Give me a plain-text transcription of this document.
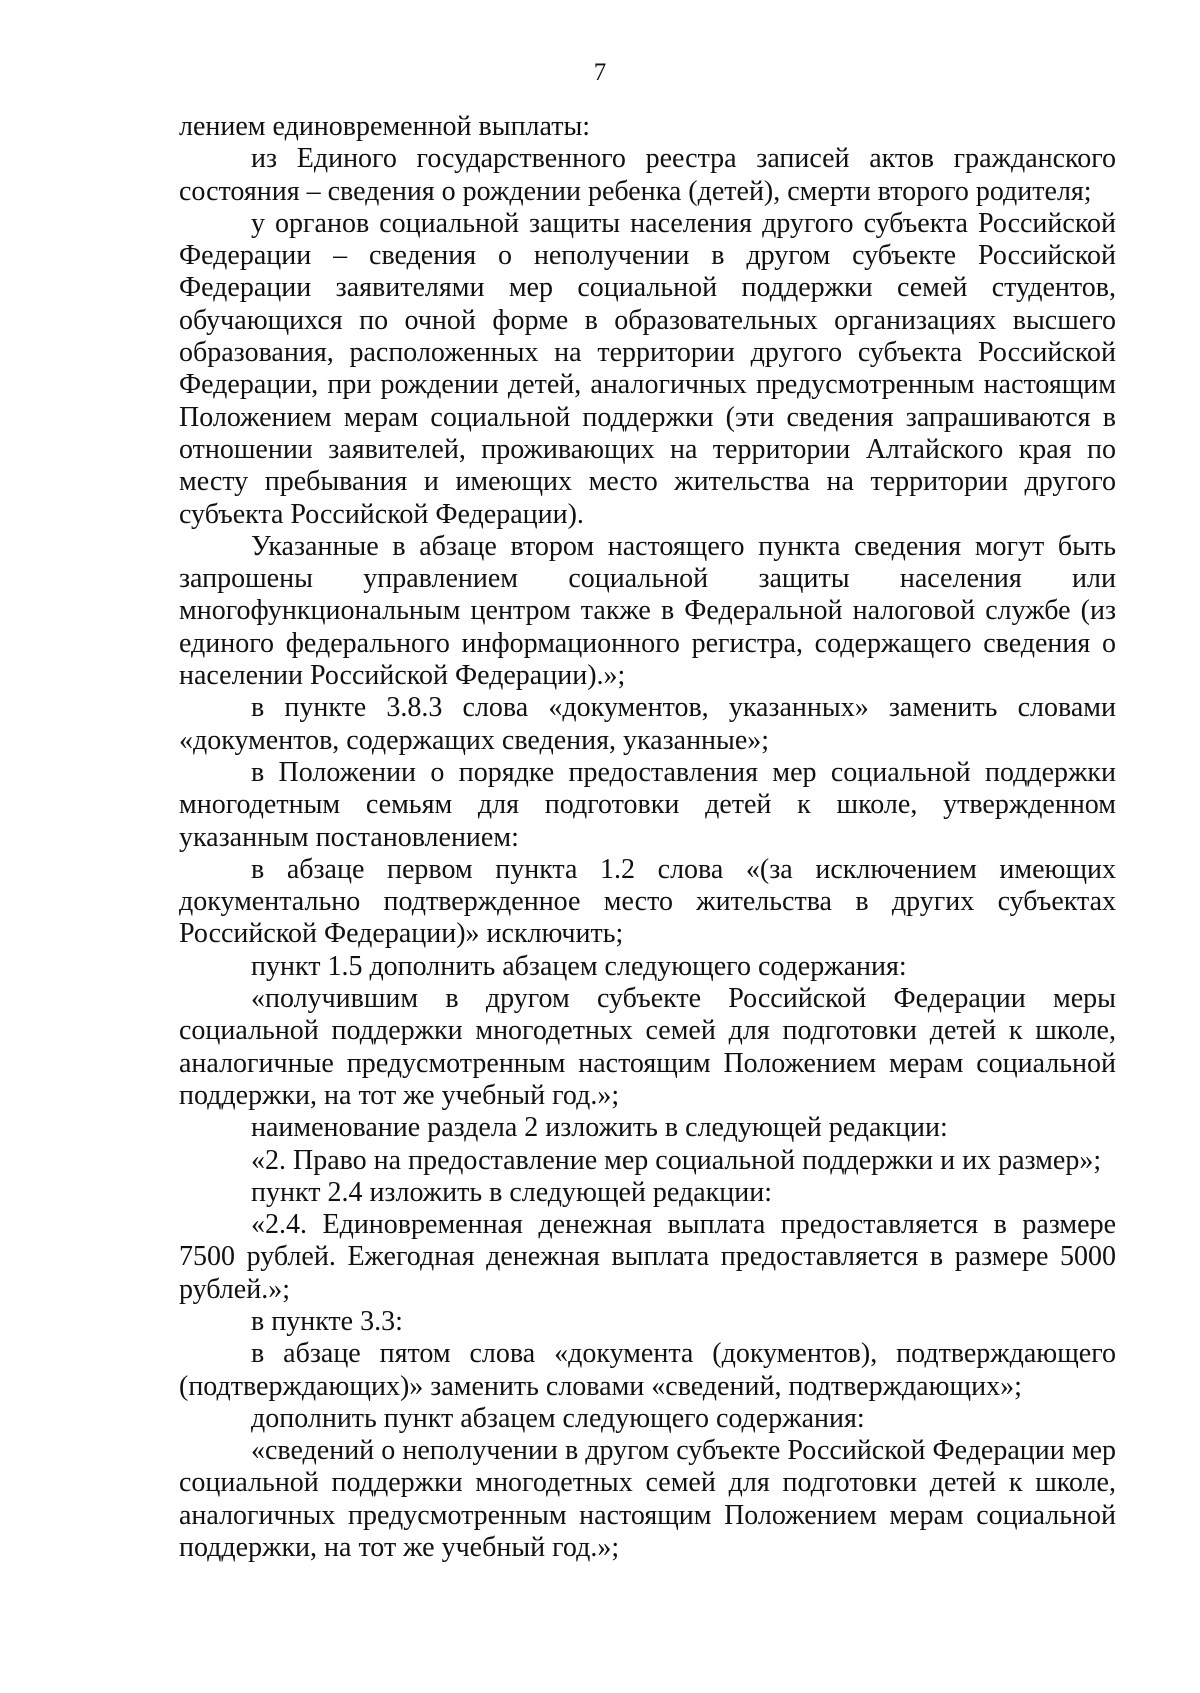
7

лением единовременной выплаты:

из Единого государственного реестра записей актов гражданского состояния – сведения о рождении ребенка (детей), смерти второго родителя;

у органов социальной защиты населения другого субъекта Российской Федерации – сведения о неполучении в другом субъекте Российской Федерации заявителями мер социальной поддержки семей студентов, обучающихся по очной форме в образовательных организациях высшего образования, расположенных на территории другого субъекта Российской Федерации, при рождении детей, аналогичных предусмотренным настоящим Положением мерам социальной поддержки (эти сведения запрашиваются в отношении заявителей, проживающих на территории Алтайского края по месту пребывания и имеющих место жительства на территории другого субъекта Российской Федерации).

Указанные в абзаце втором настоящего пункта сведения могут быть запрошены управлением социальной защиты населения или многофункциональным центром также в Федеральной налоговой службе (из единого федерального информационного регистра, содержащего сведения о населении Российской Федерации).»;

в пункте 3.8.3 слова «документов, указанных» заменить словами «документов, содержащих сведения, указанные»;

в Положении о порядке предоставления мер социальной поддержки многодетным семьям для подготовки детей к школе, утвержденном указанным постановлением:

в абзаце первом пункта 1.2 слова «(за исключением имеющих документально подтвержденное место жительства в других субъектах Российской Федерации)» исключить;

пункт 1.5 дополнить абзацем следующего содержания:

«получившим в другом субъекте Российской Федерации меры социальной поддержки многодетных семей для подготовки детей к школе, аналогичные предусмотренным настоящим Положением мерам социальной поддержки, на тот же учебный год.»;

наименование раздела 2 изложить в следующей редакции:

«2. Право на предоставление мер социальной поддержки и их размер»;

пункт 2.4 изложить в следующей редакции:

«2.4. Единовременная денежная выплата предоставляется в размере 7500 рублей. Ежегодная денежная выплата предоставляется в размере 5000 рублей.»;

в пункте 3.3:

в абзаце пятом слова «документа (документов), подтверждающего (подтверждающих)» заменить словами «сведений, подтверждающих»;

дополнить пункт абзацем следующего содержания:

«сведений о неполучении в другом субъекте Российской Федерации мер социальной поддержки многодетных семей для подготовки детей к школе, аналогичных предусмотренным настоящим Положением мерам социальной поддержки, на тот же учебный год.»;
